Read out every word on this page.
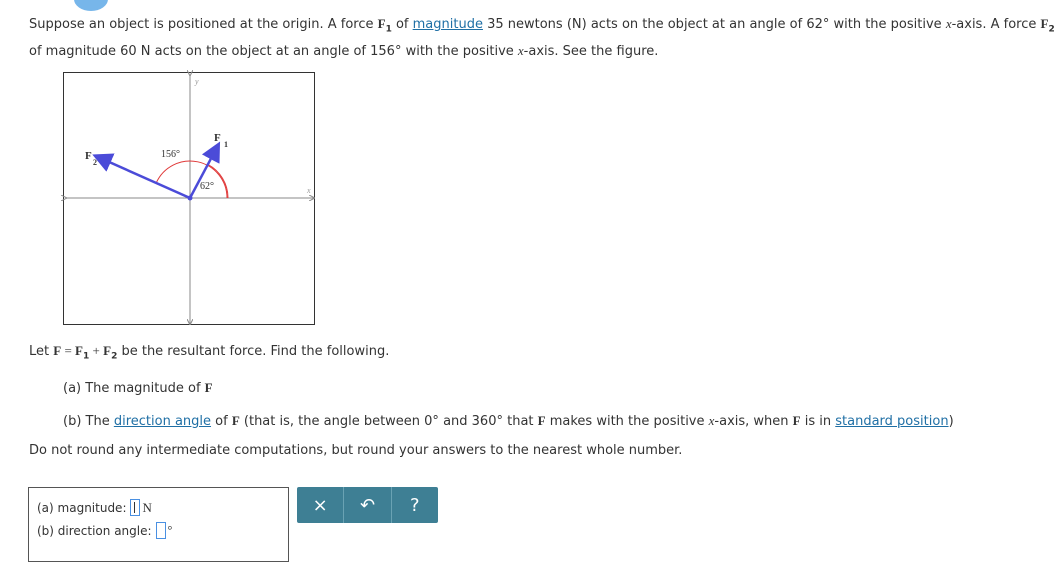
Suppose an object is positioned at the origin. A force $F_1$ of magnitude 35 newtons (N) acts on the object at an angle of 62° with the positive x-axis. A force $F_2$
of magnitude 60 N acts on the object at an angle of 156° with the positive x-axis. See the figure.
y
x
156°
62°
F
1
F
2
Let $F = F_1 + F_2$ be the resultant force. Find the following.
(a) The magnitude of F
(b) The direction angle of F (that is, the angle between 0° and 360° that F makes with the positive x-axis, when F is in standard position)
Do not round any intermediate computations, but round your answers to the nearest whole number.
(a) magnitude: N
(b) direction angle: °
× ↶ ?
